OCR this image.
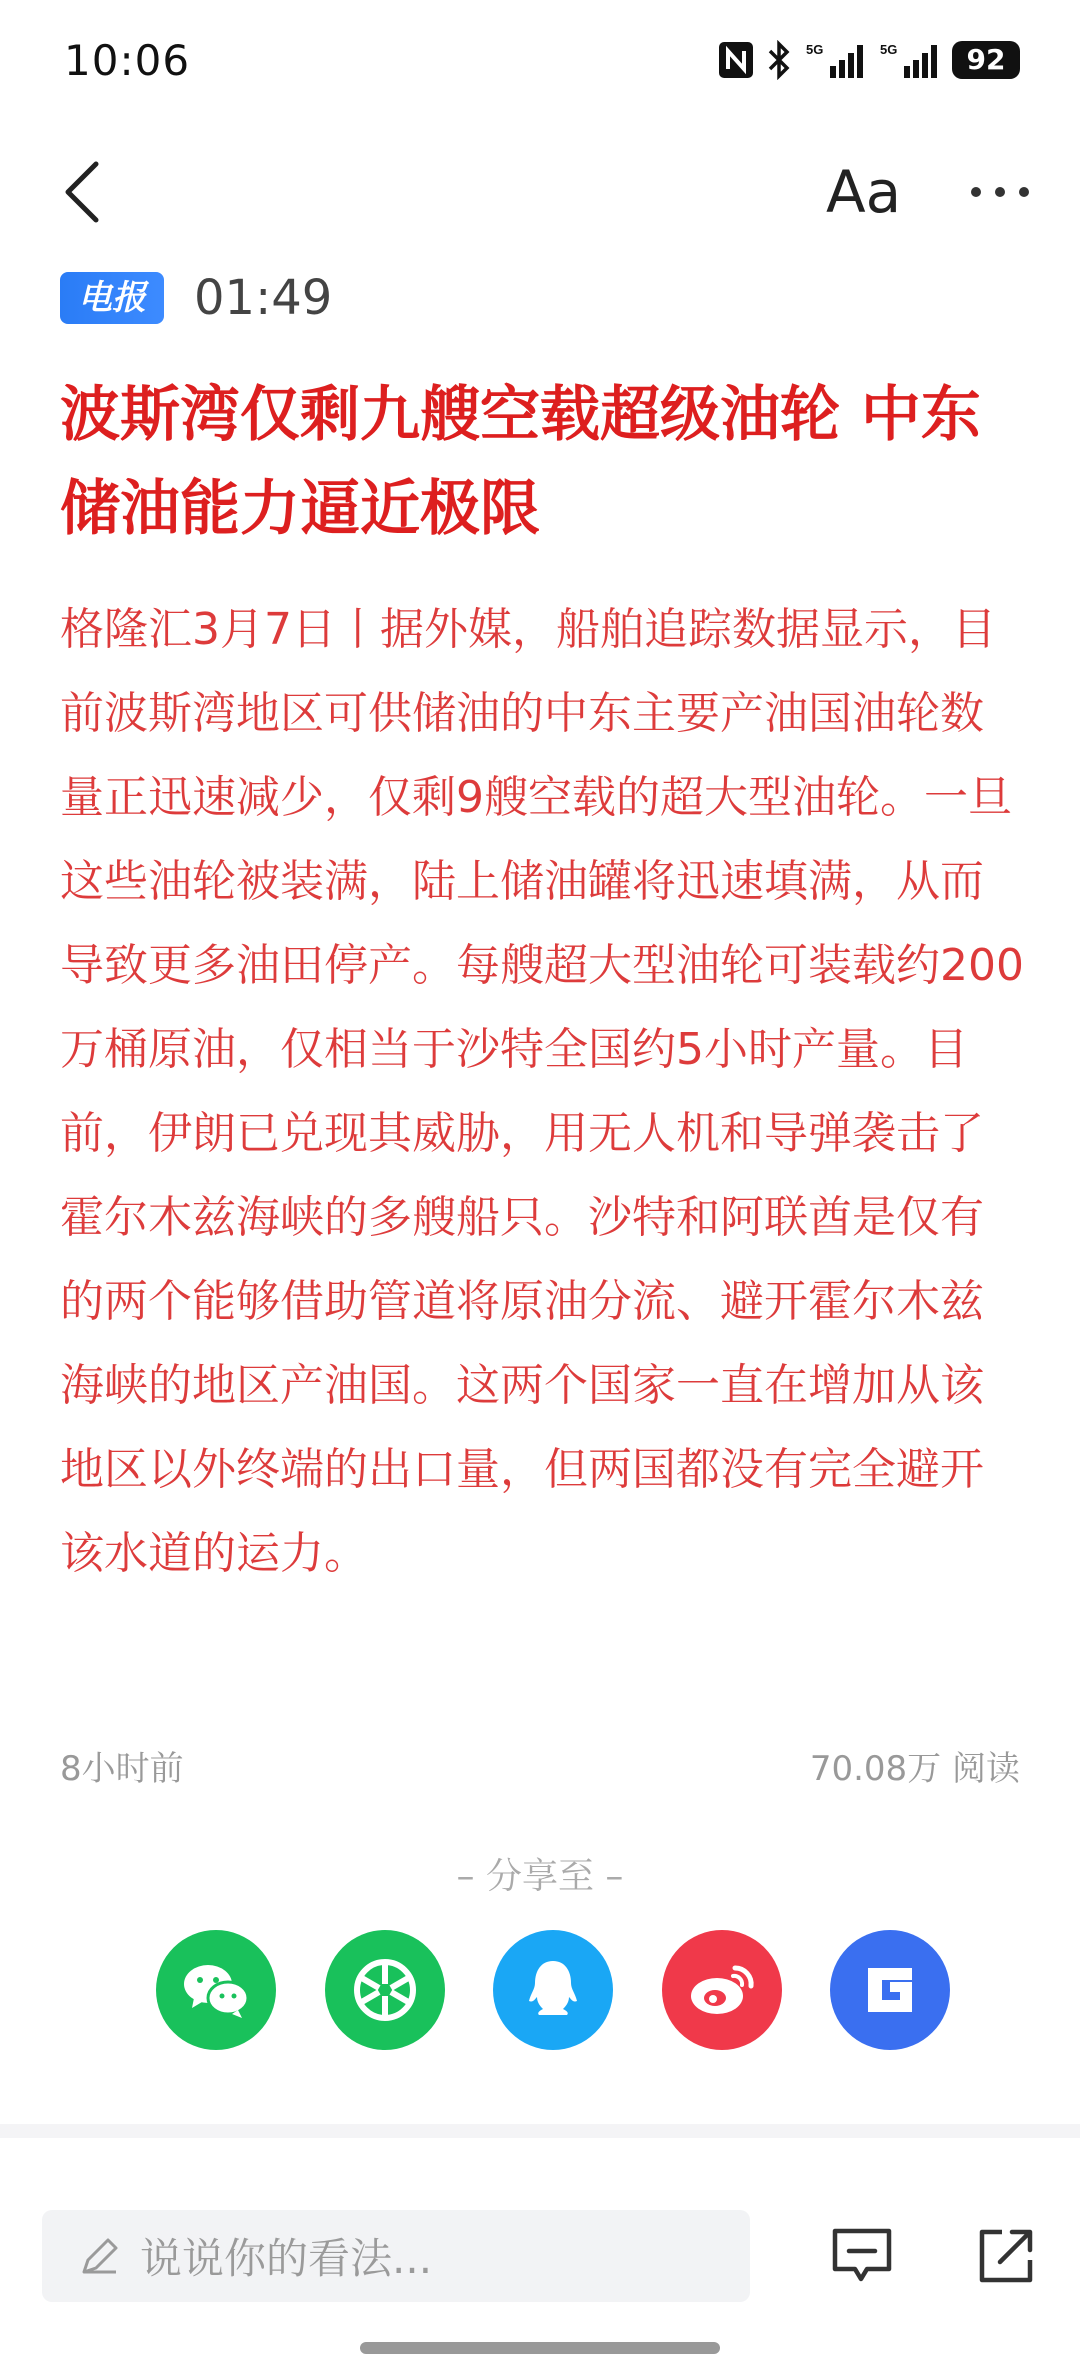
10:06	5G	5G	92
Aa
电报	01:49
波斯湾仅剩九艘空载超级油轮 中东储油能力逼近极限

格隆汇3月7日丨据外媒，船舶追踪数据显示，目前波斯湾地区可供储油的中东主要产油国油轮数量正迅速减少，仅剩9艘空载的超大型油轮。一旦这些油轮被装满，陆上储油罐将迅速填满，从而导致更多油田停产。每艘超大型油轮可装载约200万桶原油，仅相当于沙特全国约5小时产量。目前，伊朗已兑现其威胁，用无人机和导弹袭击了霍尔木兹海峡的多艘船只。沙特和阿联酋是仅有的两个能够借助管道将原油分流、避开霍尔木兹海峡的地区产油国。这两个国家一直在增加从该地区以外终端的出口量，但两国都没有完全避开该水道的运力。

8小时前	70.08万 阅读
– 分享至 –
说说你的看法...
